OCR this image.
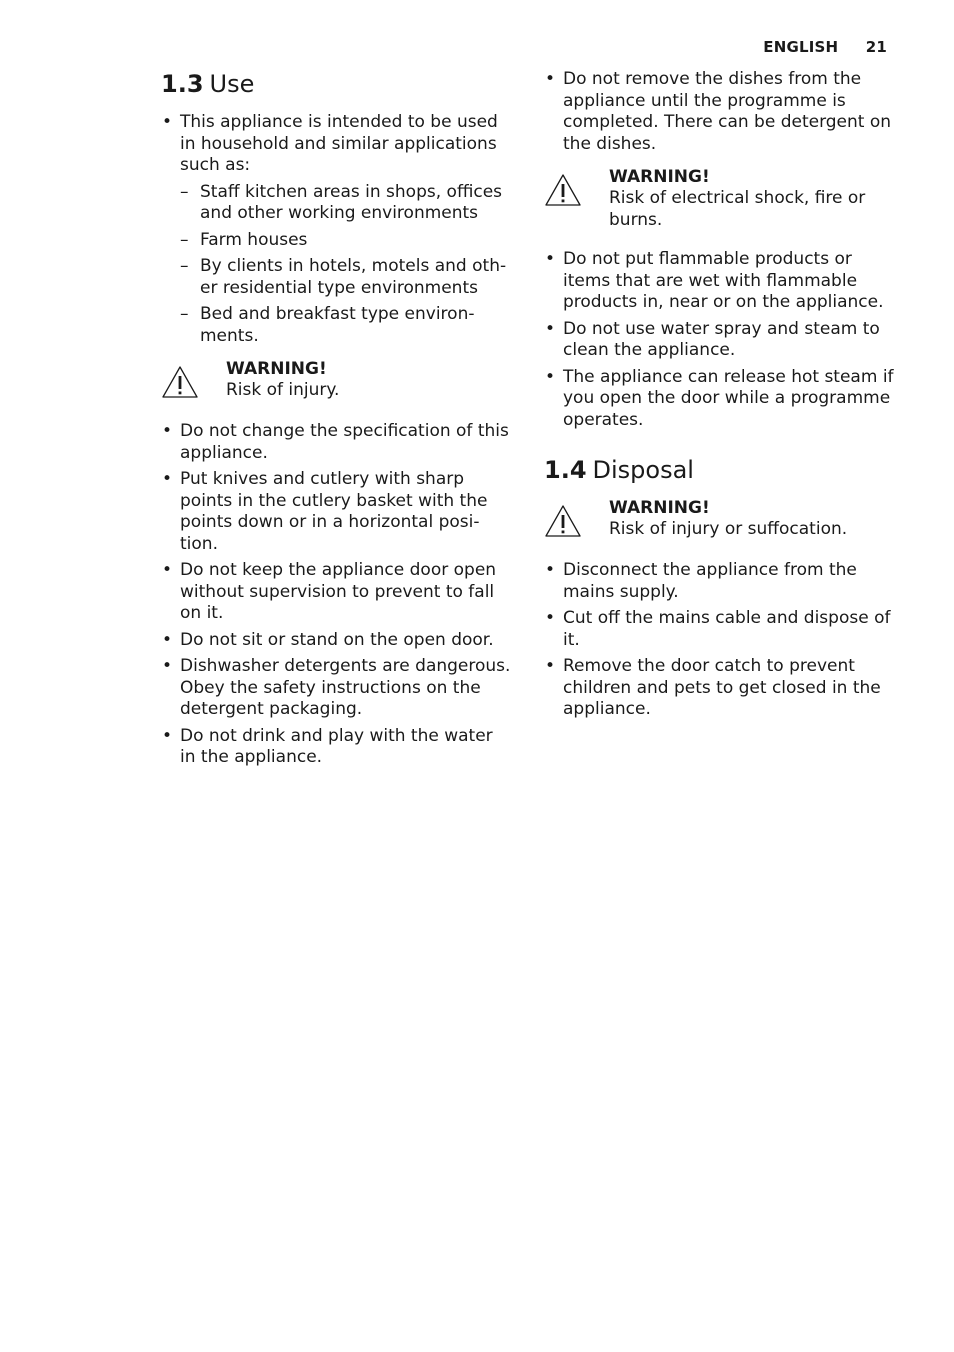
ENGLISH 21
1.3 Use
• This appliance is intended to be used in household and similar applications such as:
– Staff kitchen areas in shops, offices and other working environments
– Farm houses
– By clients in hotels, motels and oth-er residential type environments
– Bed and breakfast type environ-ments.
WARNING!
Risk of injury.
• Do not change the specification of this appliance.
• Put knives and cutlery with sharp points in the cutlery basket with the points down or in a horizontal posi-tion.
• Do not keep the appliance door open without supervision to prevent to fall on it.
• Do not sit or stand on the open door.
• Dishwasher detergents are dangerous. Obey the safety instructions on the detergent packaging.
• Do not drink and play with the water in the appliance.
• Do not remove the dishes from the appliance until the programme is completed. There can be detergent on the dishes.
WARNING!
Risk of electrical shock, fire or burns.
• Do not put flammable products or items that are wet with flammable products in, near or on the appliance.
• Do not use water spray and steam to clean the appliance.
• The appliance can release hot steam if you open the door while a programme operates.
1.4 Disposal
WARNING!
Risk of injury or suffocation.
• Disconnect the appliance from the mains supply.
• Cut off the mains cable and dispose of it.
• Remove the door catch to prevent children and pets to get closed in the appliance.
